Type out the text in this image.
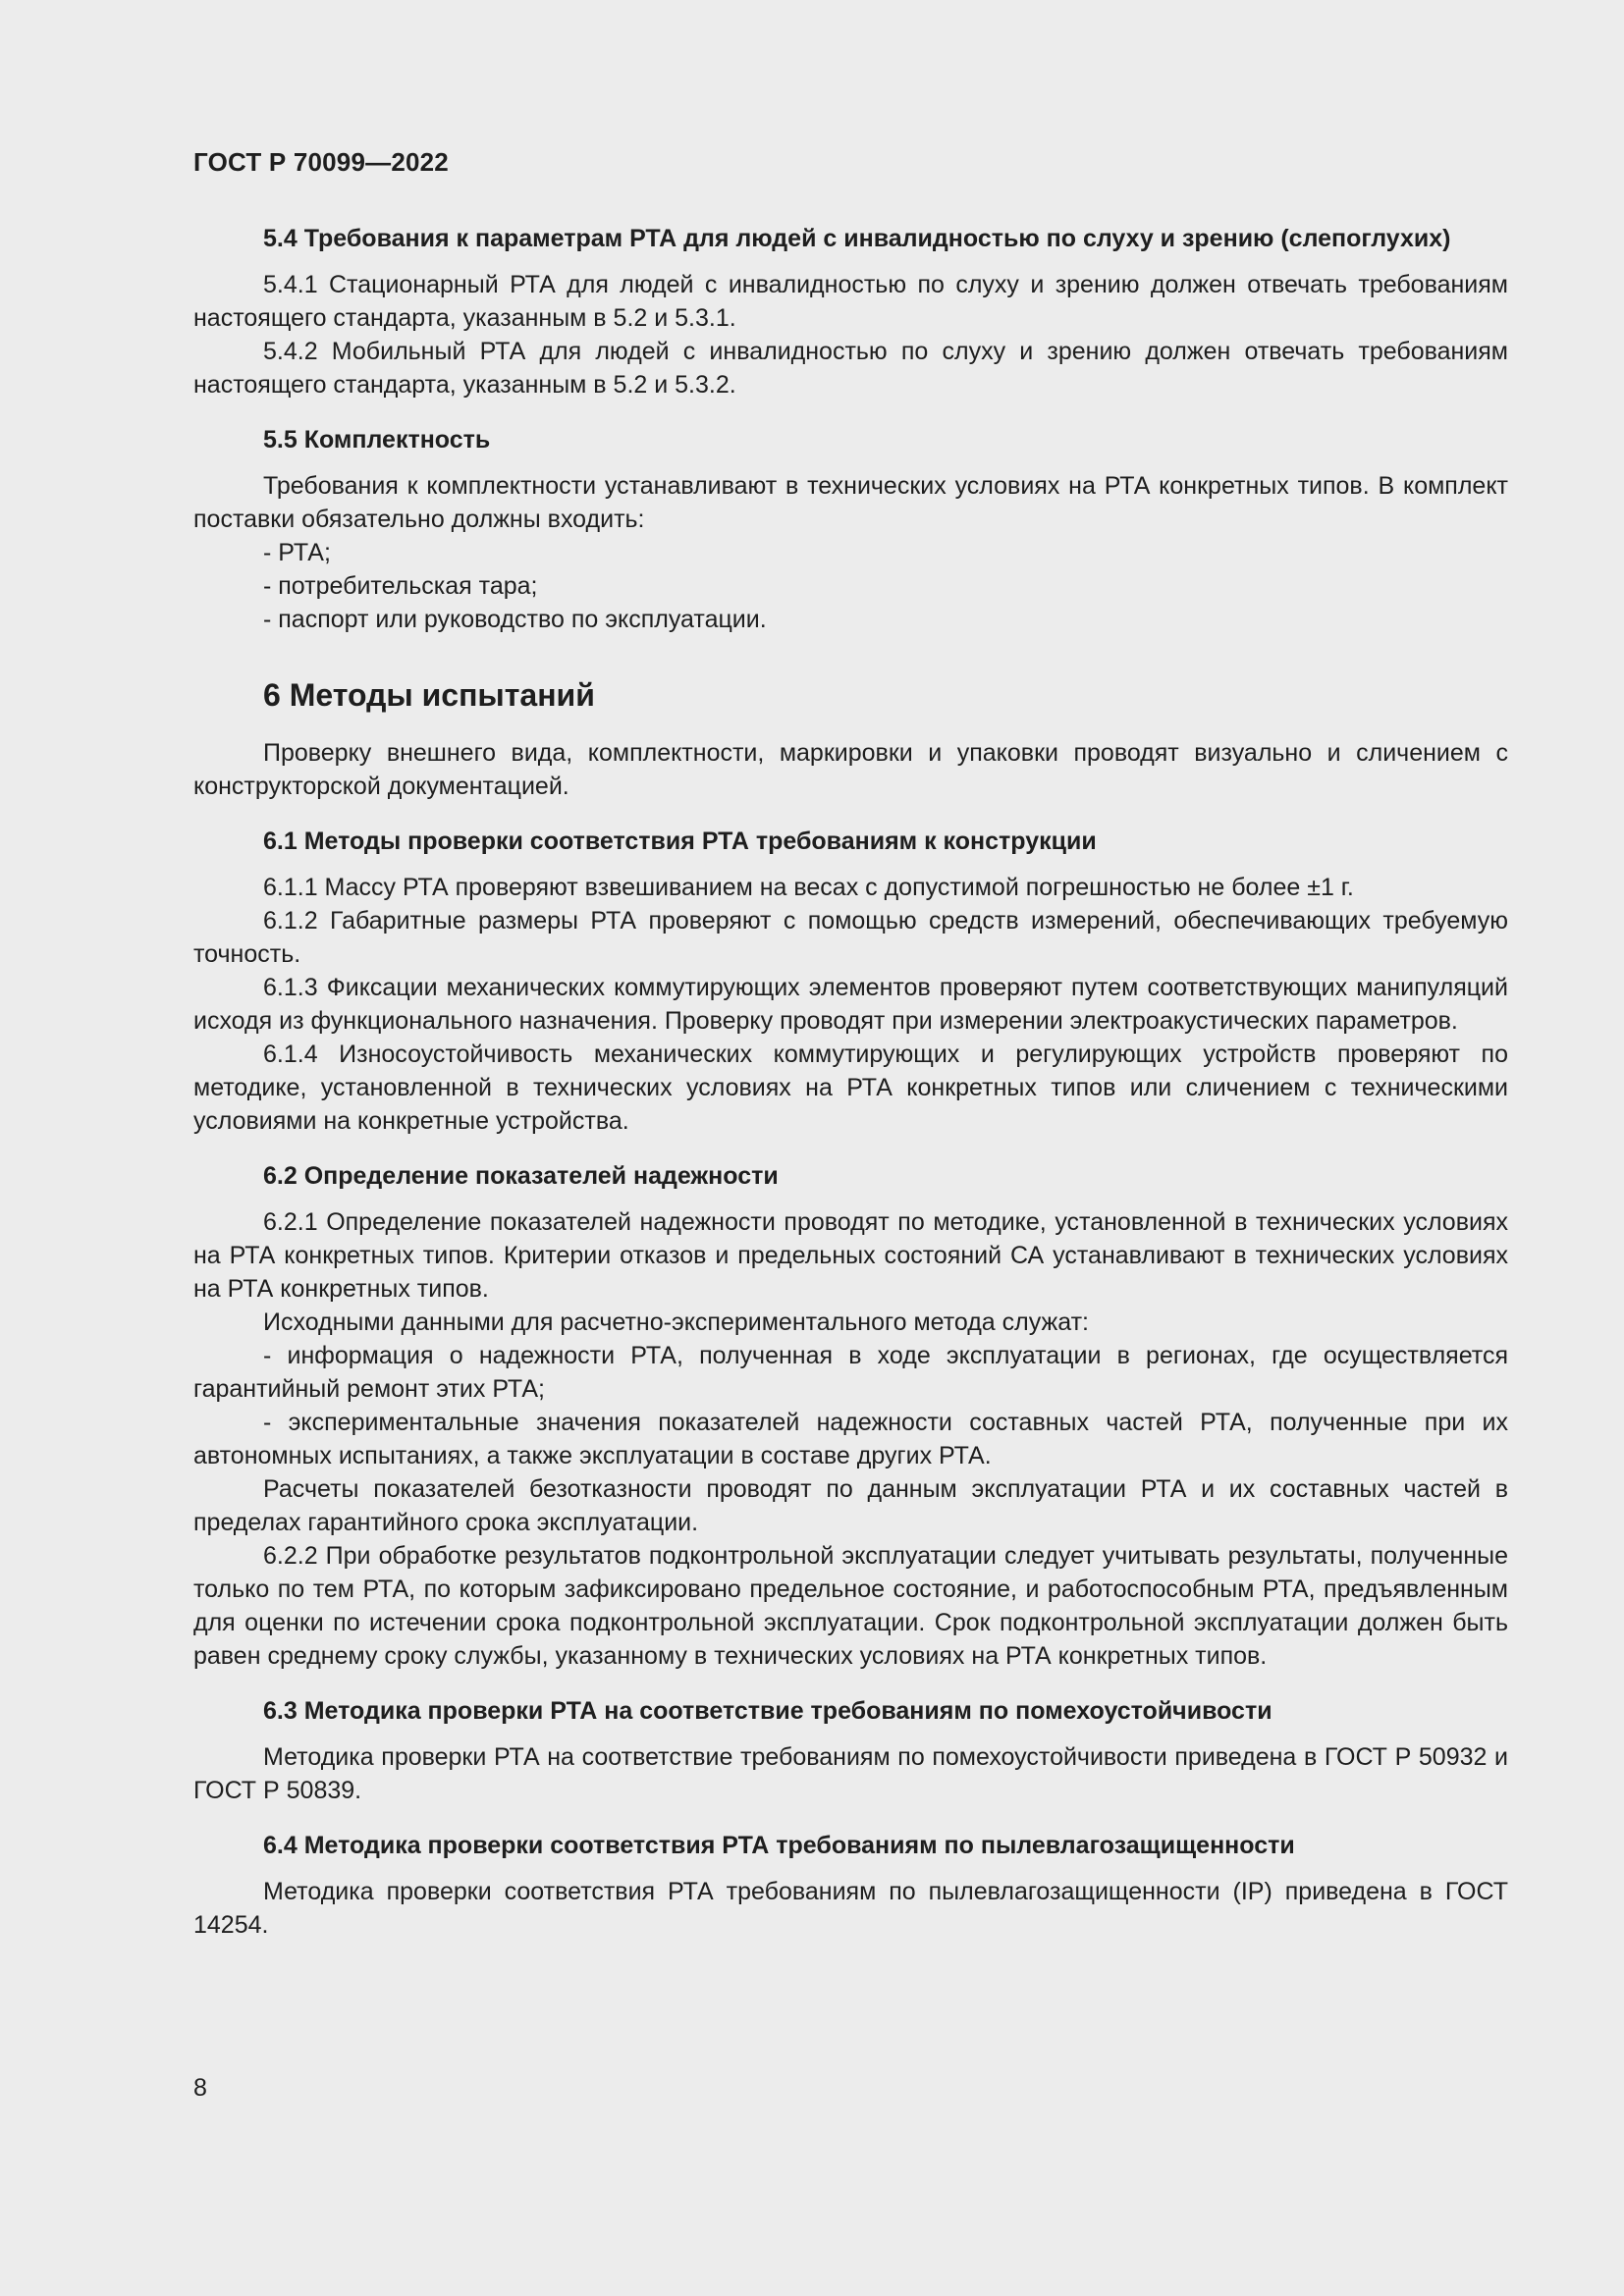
ГОСТ Р 70099—2022
5.4 Требования к параметрам РТА для людей с инвалидностью по слуху и зрению (слепоглухих)

5.4.1 Стационарный РТА для людей с инвалидностью по слуху и зрению должен отвечать требованиям настоящего стандарта, указанным в 5.2 и 5.3.1.

5.4.2 Мобильный РТА для людей с инвалидностью по слуху и зрению должен отвечать требованиям настоящего стандарта, указанным в 5.2 и 5.3.2.

5.5 Комплектность

Требования к комплектности устанавливают в технических условиях на РТА конкретных типов. В комплект поставки обязательно должны входить:

- РТА;
- потребительская тара;
- паспорт или руководство по эксплуатации.
6 Методы испытаний

Проверку внешнего вида, комплектности, маркировки и упаковки проводят визуально и сличением с конструкторской документацией.

6.1 Методы проверки соответствия РТА требованиям к конструкции

6.1.1 Массу РТА проверяют взвешиванием на весах с допустимой погрешностью не более ±1 г.

6.1.2 Габаритные размеры РТА проверяют с помощью средств измерений, обеспечивающих требуемую точность.

6.1.3 Фиксации механических коммутирующих элементов проверяют путем соответствующих манипуляций исходя из функционального назначения. Проверку проводят при измерении электроакустических параметров.

6.1.4 Износоустойчивость механических коммутирующих и регулирующих устройств проверяют по методике, установленной в технических условиях на РТА конкретных типов или сличением с техническими условиями на конкретные устройства.

6.2 Определение показателей надежности

6.2.1 Определение показателей надежности проводят по методике, установленной в технических условиях на РТА конкретных типов. Критерии отказов и предельных состояний СА устанавливают в технических условиях на РТА конкретных типов.

Исходными данными для расчетно-экспериментального метода служат:

- информация о надежности РТА, полученная в ходе эксплуатации в регионах, где осуществляется гарантийный ремонт этих РТА;
- экспериментальные значения показателей надежности составных частей РТА, полученные при их автономных испытаниях, а также эксплуатации в составе других РТА.

Расчеты показателей безотказности проводят по данным эксплуатации РТА и их составных частей в пределах гарантийного срока эксплуатации.

6.2.2 При обработке результатов подконтрольной эксплуатации следует учитывать результаты, полученные только по тем РТА, по которым зафиксировано предельное состояние, и работоспособным РТА, предъявленным для оценки по истечении срока подконтрольной эксплуатации. Срок подконтрольной эксплуатации должен быть равен среднему сроку службы, указанному в технических условиях на РТА конкретных типов.

6.3 Методика проверки РТА на соответствие требованиям по помехоустойчивости

Методика проверки РТА на соответствие требованиям по помехоустойчивости приведена в ГОСТ Р 50932 и ГОСТ Р 50839.

6.4 Методика проверки соответствия РТА требованиям по пылевлагозащищенности

Методика проверки соответствия РТА требованиям по пылевлагозащищенности (IP) приведена в ГОСТ 14254.

8
